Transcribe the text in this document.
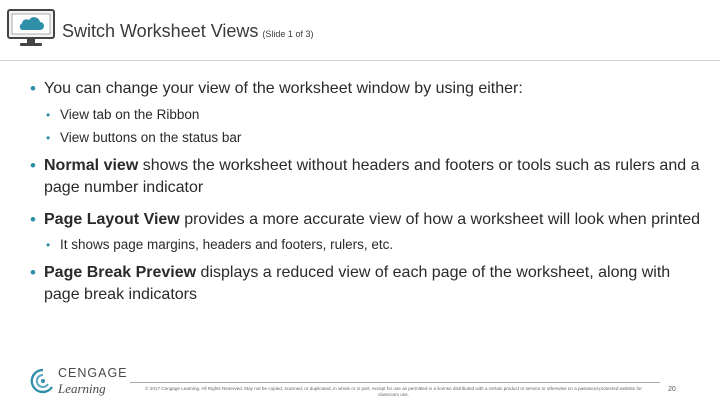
Switch Worksheet Views (Slide 1 of 3)
• You can change your view of the worksheet window by using either:
• View tab on the Ribbon
• View buttons on the status bar
• Normal view shows the worksheet without headers and footers or tools such as rulers and a page number indicator
• Page Layout View provides a more accurate view of how a worksheet will look when printed
• It shows page margins, headers and footers, rulers, etc.
• Page Break Preview displays a reduced view of each page of the worksheet, along with page break indicators
CENGAGE
Learning	© 2017 Cengage Learning. All Rights Reserved. May not be copied, scanned, or duplicated, in whole or in part, except for use as permitted in a license distributed with a certain product or service or otherwise on a password-protected website for classroom use.
20
